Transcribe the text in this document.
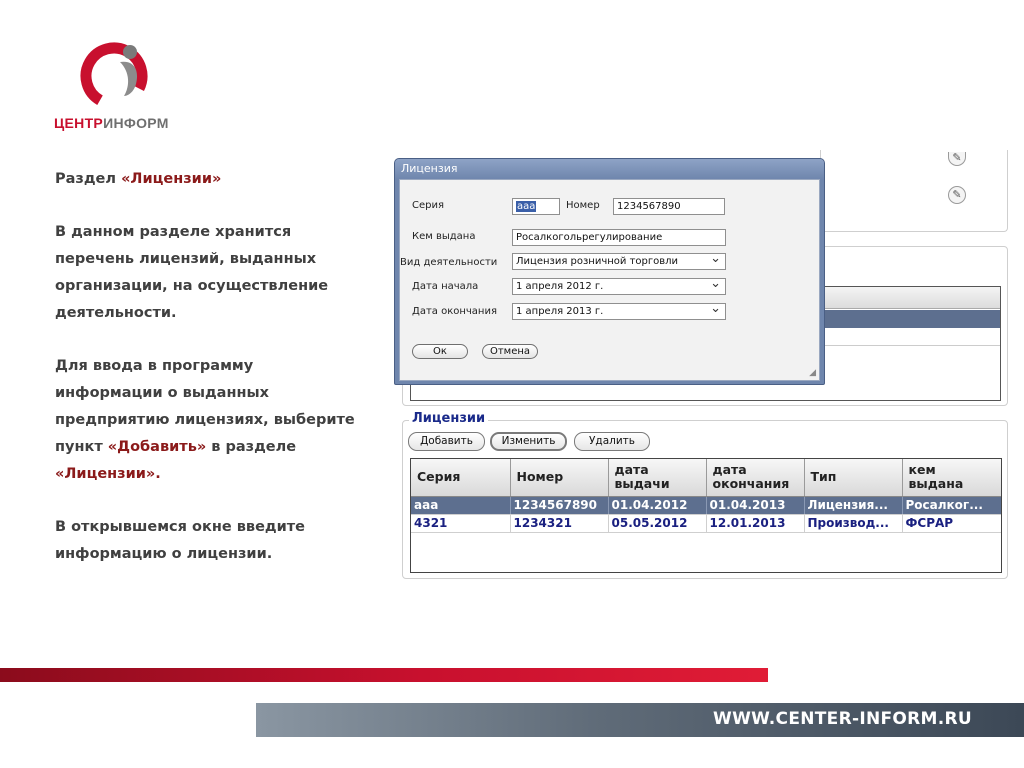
ЦЕНТРИНФОРМ

Раздел «Лицензии»

В данном разделе хранится перечень лицензий, выданных организации, на осуществление деятельности.

Для ввода в программу информации о выданных предприятию лицензиях, выберите пункт «Добавить» в разделе «Лицензии».

В открывшемся окне введите информацию о лицензии.

✎
✎
Лицензии
Добавить	Изменить	Удалить
Серия	Номер	дата выдачи	дата окончания	Тип	кем выдана
ааа	1234567890	01.04.2012	01.04.2013	Лицензия...	Росалког...
4321	1234321	05.05.2012	12.01.2013	Производ...	ФСРАР
Лицензия
Серия	ааа	Номер	1234567890
Кем выдана	Росалкогольрегулирование
Вид деятельности	Лицензия розничной торговли ⌄
Дата начала	1 апреля 2012 г. ⌄
Дата окончания	1 апреля 2013 г. ⌄
Ок	Отмена
◢
WWW.CENTER-INFORM.RU
